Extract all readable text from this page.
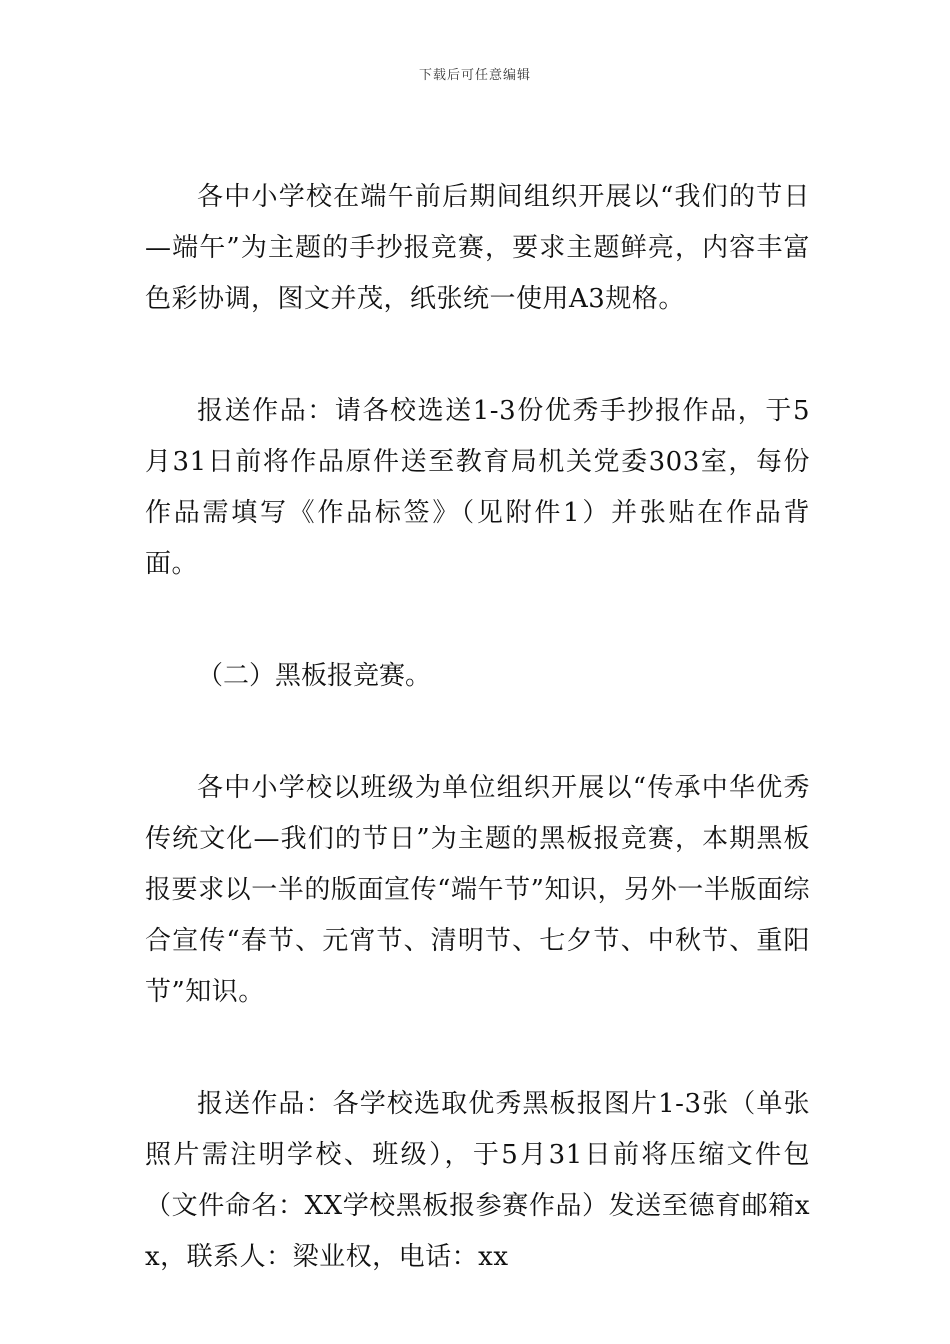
下载后可任意编辑

各中小学校在端午前后期间组织开展以“我们的节日—端午”为主题的手抄报竞赛，要求主题鲜亮，内容丰富色彩协调，图文并茂，纸张统一使用A3规格。

报送作品：请各校选送1-3份优秀手抄报作品，于5月31日前将作品原件送至教育局机关党委303室，每份作品需填写《作品标签》（见附件1）并张贴在作品背面。

（二）黑板报竞赛。

各中小学校以班级为单位组织开展以“传承中华优秀传统文化—我们的节日”为主题的黑板报竞赛，本期黑板报要求以一半的版面宣传“端午节”知识，另外一半版面综合宣传“春节、元宵节、清明节、七夕节、中秋节、重阳节”知识。

报送作品：各学校选取优秀黑板报图片1-3张（单张照片需注明学校、班级），于5月31日前将压缩文件包（文件命名：XX学校黑板报参赛作品）发送至德育邮箱xx，联系人：梁业权，电话：xx
